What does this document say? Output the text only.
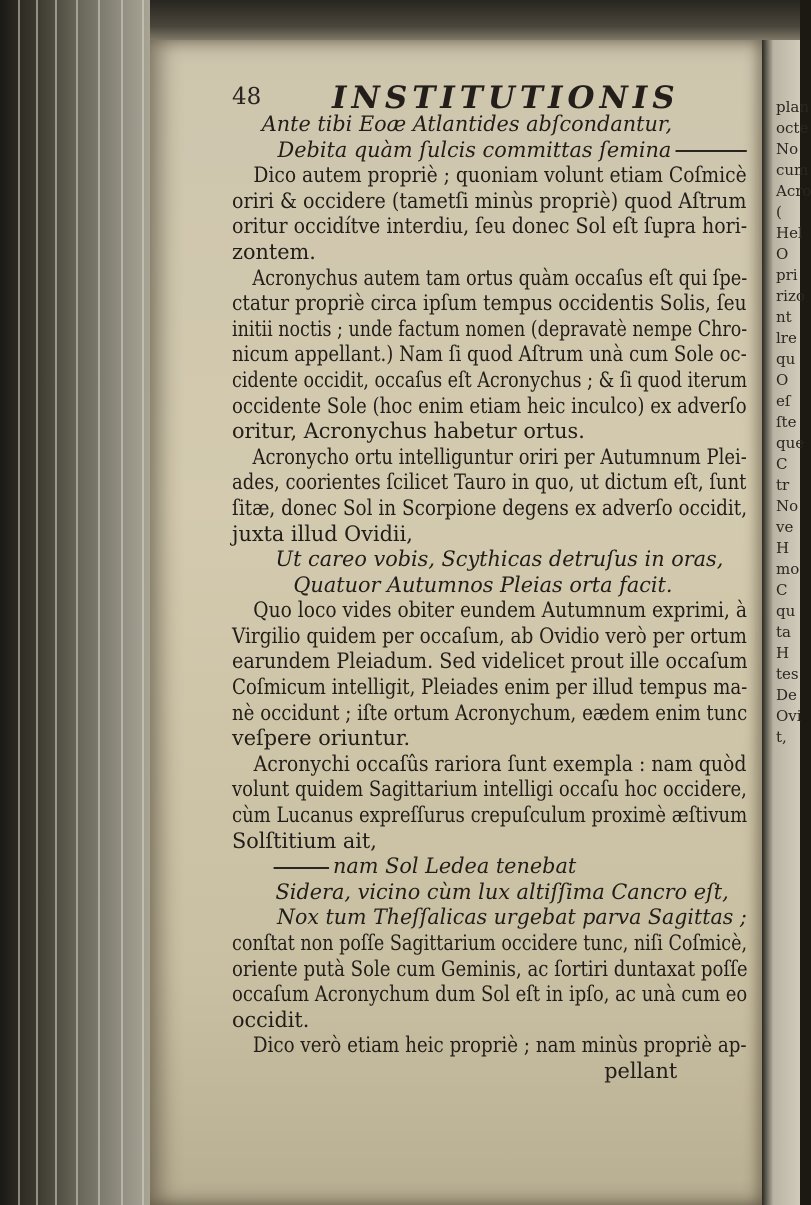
plan
octe
No
cum
Acro
(
Hel
O
pri
rizo
nt
lre
qu
O
eſ
ſte
que
C
tr
No
ve
H
mo
C
qu
ta
H
tes
De
Ovi
t,
48 INSTITUTIONIS
Ante tibi Eoæ Atlantides abſcondantur,
Debita quàm ſulcis committas ſemina
Dico autem propriè ; quoniam volunt etiam Coſmicè
oriri & occidere (tametſi minùs propriè) quod Aſtrum
oritur occidítve interdiu, ſeu donec Sol eſt ſupra hori-
zontem.
Acronychus autem tam ortus quàm occaſus eſt qui ſpe-
ctatur propriè circa ipſum tempus occidentis Solis, ſeu
initii noctis ; unde factum nomen (depravatè nempe Chro-
nicum appellant.) Nam ſi quod Aſtrum unà cum Sole oc-
cidente occidit, occaſus eſt Acronychus ; & ſi quod iterum
occidente Sole (hoc enim etiam heic inculco) ex adverſo
oritur, Acronychus habetur ortus.
Acronycho ortu intelliguntur oriri per Autumnum Plei-
ades, coorientes ſcilicet Tauro in quo, ut dictum eſt, ſunt
ſitæ, donec Sol in Scorpione degens ex adverſo occidit,
juxta illud Ovidii,
Ut careo vobis, Scythicas detruſus in oras,
Quatuor Autumnos Pleias orta facit.
Quo loco vides obiter eundem Autumnum exprimi, à
Virgilio quidem per occaſum, ab Ovidio verò per ortum
earundem Pleiadum. Sed videlicet prout ille occaſum
Coſmicum intelligit, Pleiades enim per illud tempus ma-
nè occidunt ; iſte ortum Acronychum, eædem enim tunc
veſpere oriuntur.
Acronychi occaſûs rariora ſunt exempla : nam quòd
volunt quidem Sagittarium intelligi occaſu hoc occidere,
cùm Lucanus expreſſurus crepuſculum proximè æſtivum
Solſtitium ait,
nam Sol Ledea tenebat
Sidera, vicino cùm lux altiſſima Cancro eſt,
Nox tum Theſſalicas urgebat parva Sagittas ;
conſtat non poſſe Sagittarium occidere tunc, niſi Coſmicè,
oriente putà Sole cum Geminis, ac ſortiri duntaxat poſſe
occaſum Acronychum dum Sol eſt in ipſo, ac unà cum eo
occidit.
Dico verò etiam heic propriè ; nam minùs propriè ap-
pellant
